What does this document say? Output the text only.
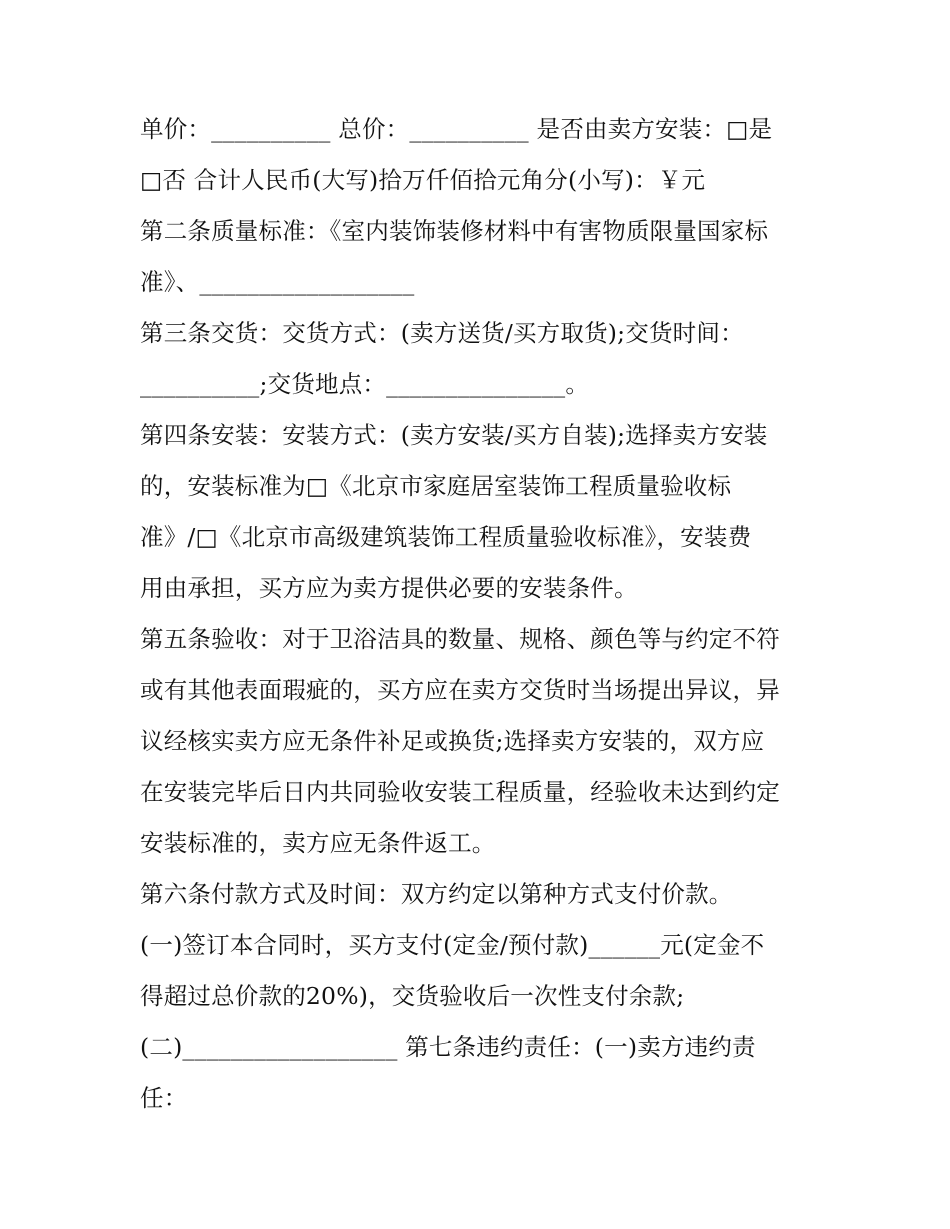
单价：__________ 总价：__________ 是否由卖方安装：□是
□否 合计人民币(大写)拾万仟佰拾元角分(小写)：￥元
第二条质量标准：《室内装饰装修材料中有害物质限量国家标
准》、__________________
第三条交货：交货方式：(卖方送货/买方取货);交货时间：
__________;交货地点：_______________。
第四条安装：安装方式：(卖方安装/买方自装);选择卖方安装
的，安装标准为□《北京市家庭居室装饰工程质量验收标
准》/□《北京市高级建筑装饰工程质量验收标准》，安装费
用由承担，买方应为卖方提供必要的安装条件。
第五条验收：对于卫浴洁具的数量、规格、颜色等与约定不符
或有其他表面瑕疵的，买方应在卖方交货时当场提出异议，异
议经核实卖方应无条件补足或换货;选择卖方安装的，双方应
在安装完毕后日内共同验收安装工程质量，经验收未达到约定
安装标准的，卖方应无条件返工。
第六条付款方式及时间：双方约定以第种方式支付价款。
(一)签订本合同时，买方支付(定金/预付款)______元(定金不
得超过总价款的20%)，交货验收后一次性支付余款;
(二)__________________ 第七条违约责任：(一)卖方违约责
任：
